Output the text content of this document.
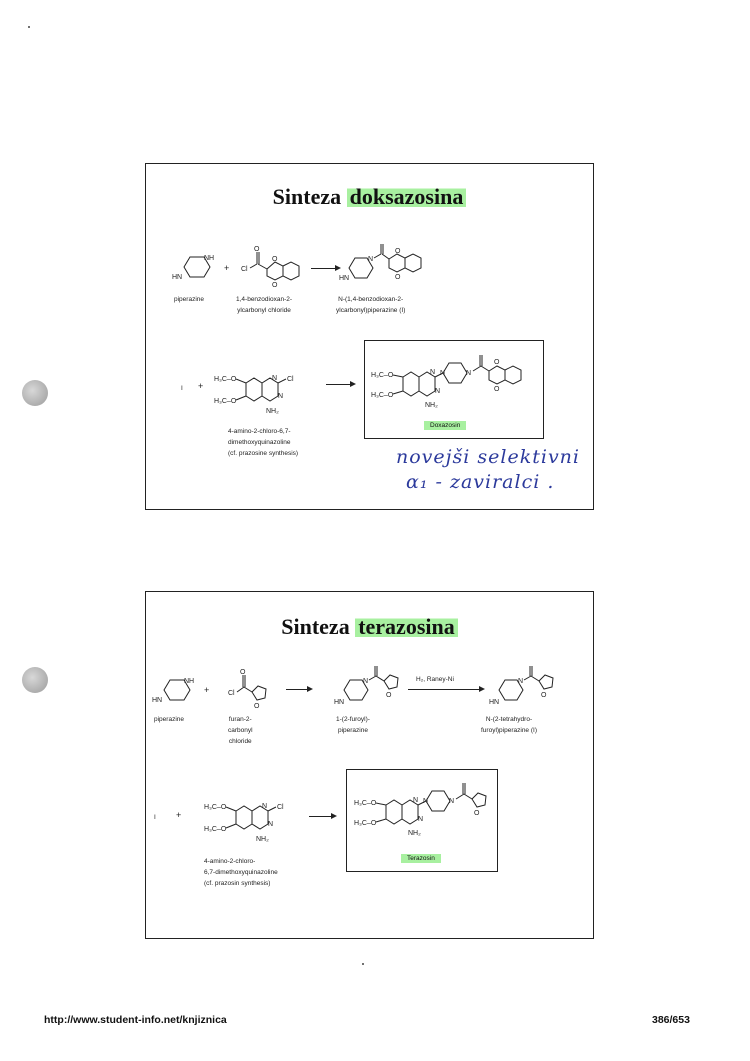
Sinteza doksazosina
NH
HN
+ Cl
O
O
O
HN
N
O
O
piperazine	1,4-benzodioxan-2-
ylcarbonyl chloride
N-(1,4-benzodioxan-2-
ylcarbonyl)piperazine (I)
I +
H₃C–O
H₃C–O
N
N
Cl
NH₂
H₃C–O
H₃C–O
N
N
N	N
O
O
NH₂
Doxazosin
4-amino-2-chloro-6,7-
dimethoxyquinazoline
(cf. prazosine synthesis)	novejši selektivni
α₁ - zaviralci .
Sinteza terazosina
NH
HN
+	Cl
O
O
HN
N
O
H₂, Raney-Ni
HN
N
O
piperazine	furan-2-
carbonyl
chloride
1-(2-furoyl)-
piperazine
N-(2-tetrahydro-
furoyl)piperazine (I)
I +
H₃C–O
H₃C–O
N
N
Cl
NH₂
H₃C–O
H₃C–O
N
N
N	N
O
NH₂
Terazosin
4-amino-2-chloro-
6,7-dimethoxyquinazoline
(cf. prazosin synthesis)
http://www.student-info.net/knjiznica	386/653
